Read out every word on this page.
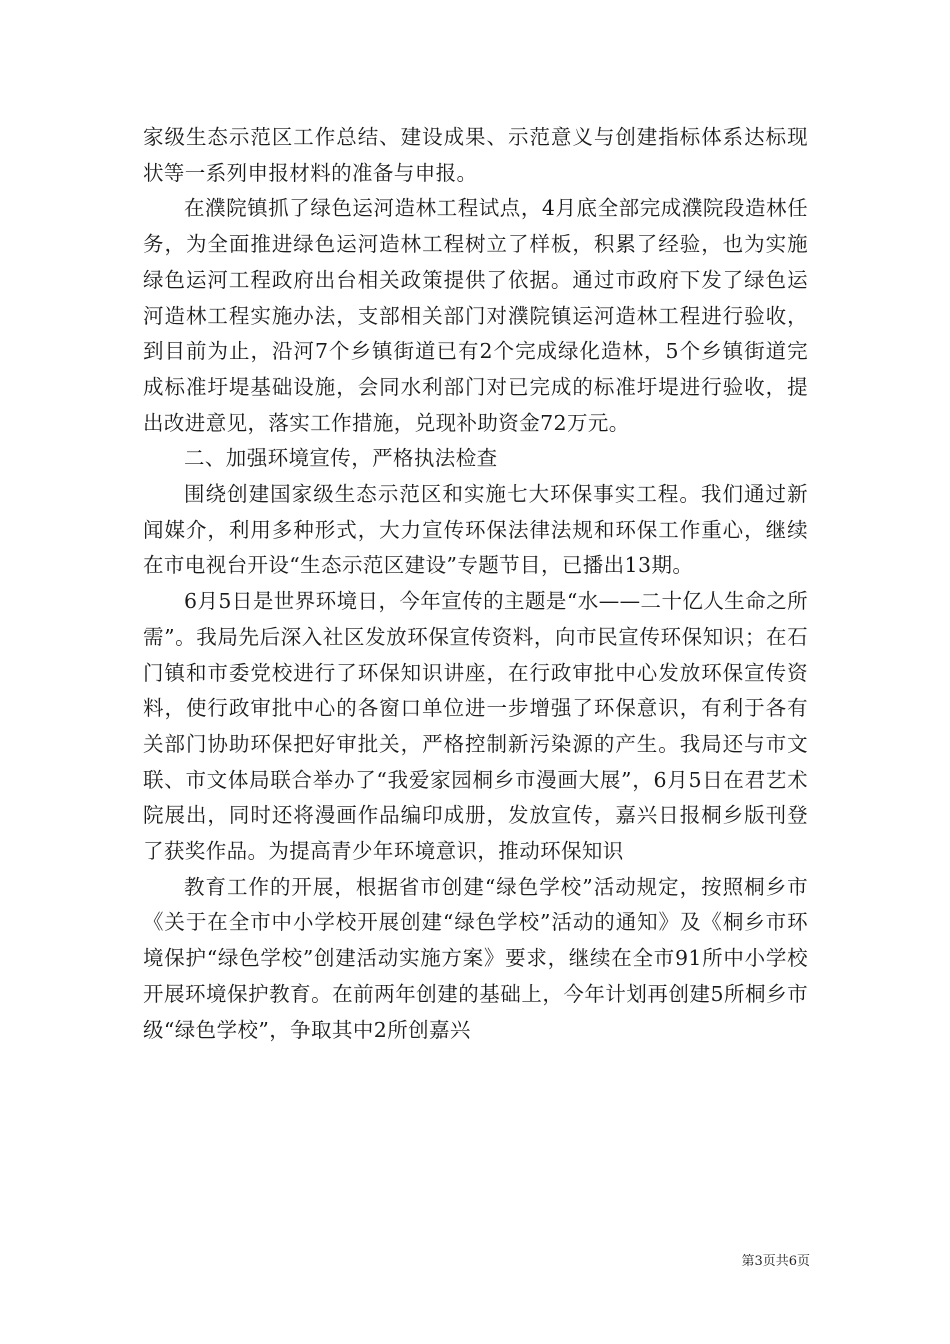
家级生态示范区工作总结、建设成果、示范意义与创建指标体系达标现状等一系列申报材料的准备与申报。

在濮院镇抓了绿色运河造林工程试点，4月底全部完成濮院段造林任务，为全面推进绿色运河造林工程树立了样板，积累了经验，也为实施绿色运河工程政府出台相关政策提供了依据。通过市政府下发了绿色运河造林工程实施办法，支部相关部门对濮院镇运河造林工程进行验收，到目前为止，沿河7个乡镇街道已有2个完成绿化造林，5个乡镇街道完成标准圩堤基础设施，会同水利部门对已完成的标准圩堤进行验收，提出改进意见，落实工作措施，兑现补助资金72万元。

二、加强环境宣传，严格执法检查

围绕创建国家级生态示范区和实施七大环保事实工程。我们通过新闻媒介，利用多种形式，大力宣传环保法律法规和环保工作重心，继续在市电视台开设“生态示范区建设”专题节目，已播出13期。

6月5日是世界环境日，今年宣传的主题是“水——二十亿人生命之所需”。我局先后深入社区发放环保宣传资料，向市民宣传环保知识；在石门镇和市委党校进行了环保知识讲座，在行政审批中心发放环保宣传资料，使行政审批中心的各窗口单位进一步增强了环保意识，有利于各有关部门协助环保把好审批关，严格控制新污染源的产生。我局还与市文联、市文体局联合举办了“我爱家园桐乡市漫画大展”，6月5日在君艺术院展出，同时还将漫画作品编印成册，发放宣传，嘉兴日报桐乡版刊登了获奖作品。为提高青少年环境意识，推动环保知识

教育工作的开展，根据省市创建“绿色学校”活动规定，按照桐乡市《关于在全市中小学校开展创建“绿色学校”活动的通知》及《桐乡市环境保护“绿色学校”创建活动实施方案》要求，继续在全市91所中小学校开展环境保护教育。在前两年创建的基础上，今年计划再创建5所桐乡市级“绿色学校”，争取其中2所创嘉兴

第3页共6页
